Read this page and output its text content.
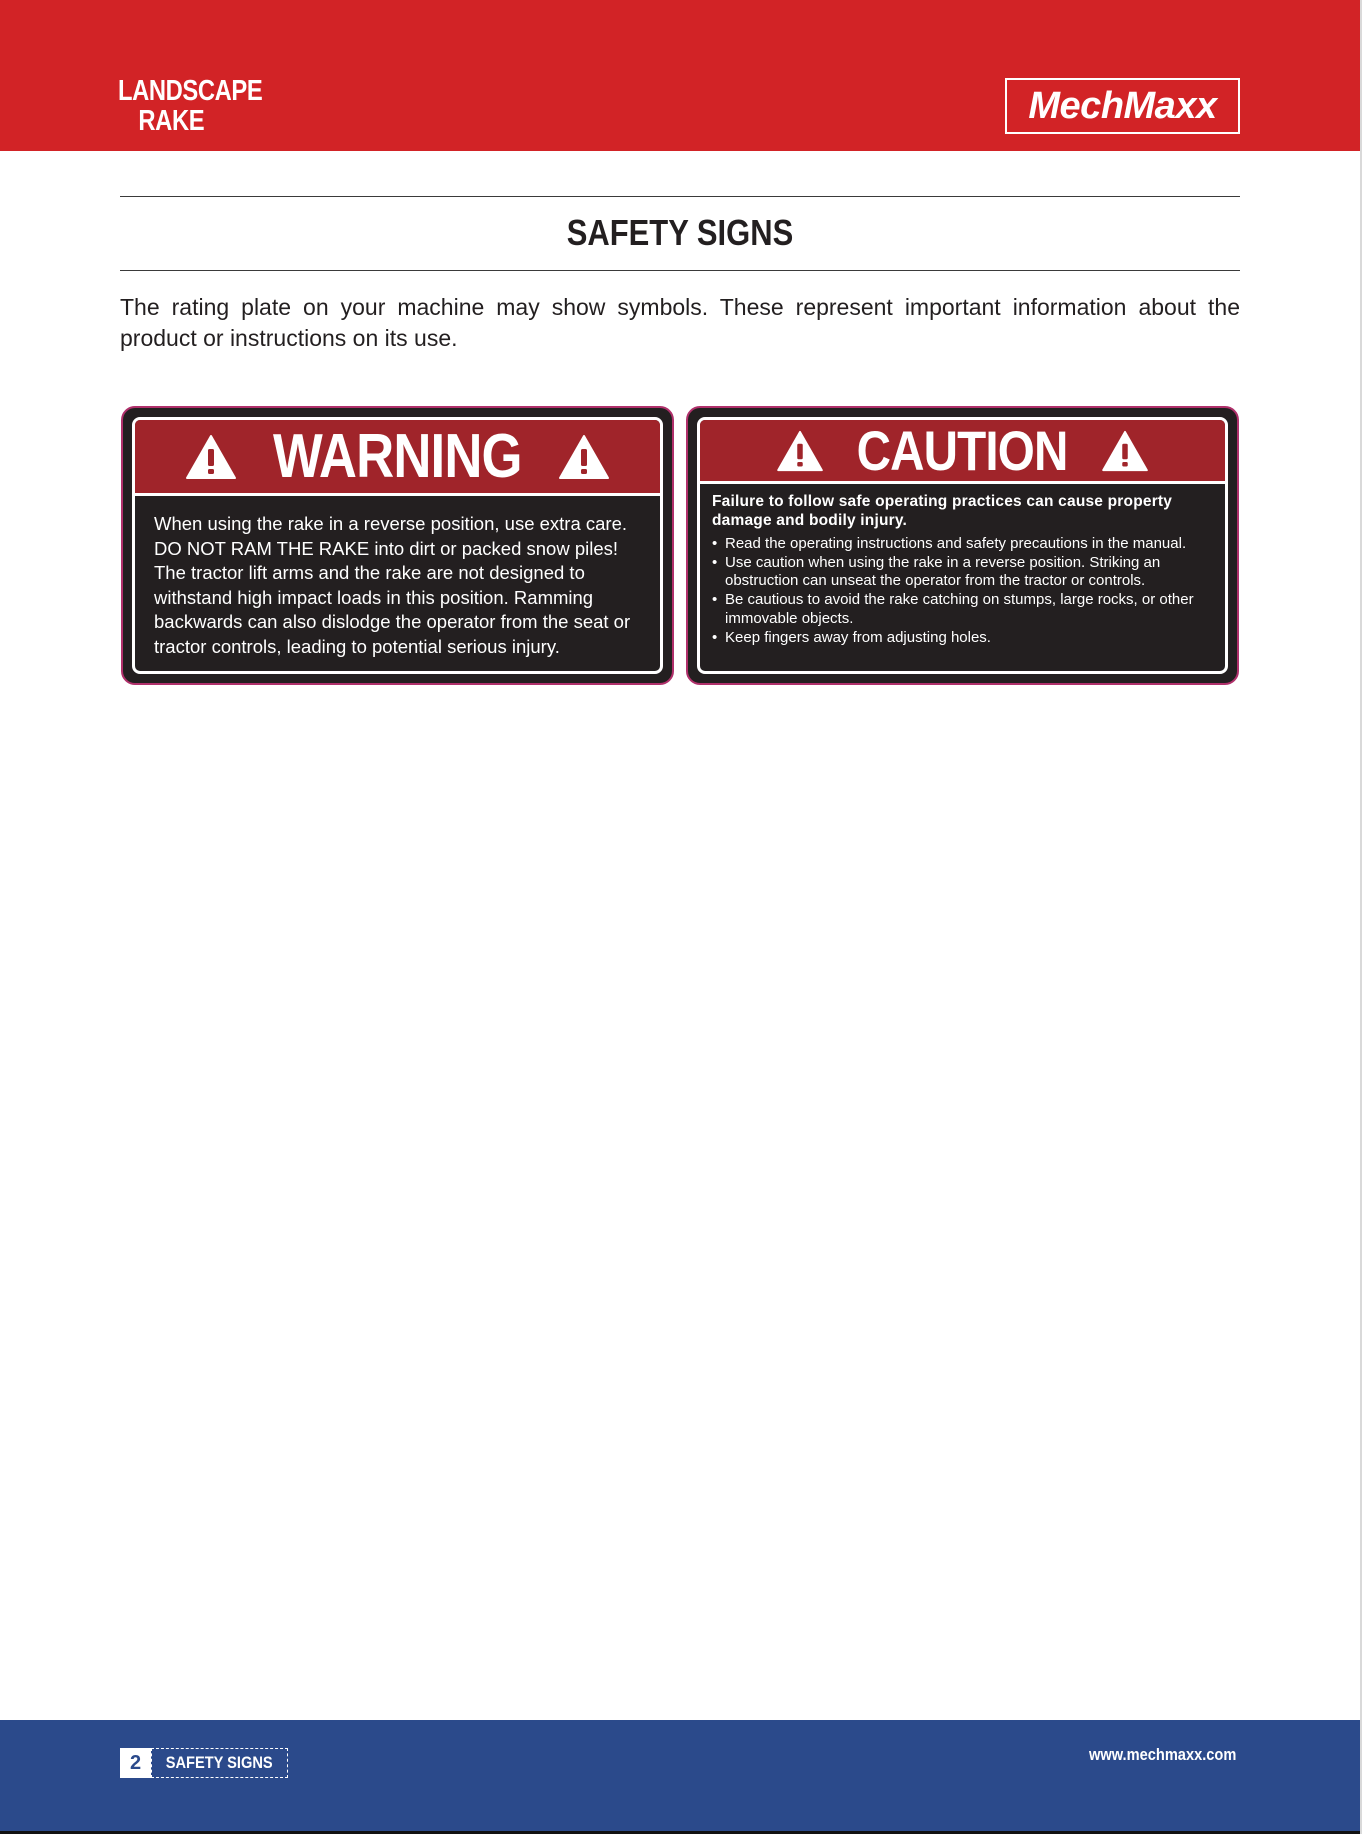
LANDSCAPE
RAKE	MechMaxx
SAFETY SIGNS

The rating plate on your machine may show symbols. These represent important information about the product or instructions on its use.

WARNING

When using the rake in a reverse position, use extra care. DO NOT RAM THE RAKE into dirt or packed snow piles! The tractor lift arms and the rake are not designed to withstand high impact loads in this position. Ramming backwards can also dislodge the operator from the seat or tractor controls, leading to potential serious injury.

CAUTION

Failure to follow safe operating practices can cause property damage and bodily injury.

• Read the operating instructions and safety precautions in the manual.
• Use caution when using the rake in a reverse position. Striking an obstruction can unseat the operator from the tractor or controls.
• Be cautious to avoid the rake catching on stumps, large rocks, or other immovable objects.
• Keep fingers away from adjusting holes.
2	SAFETY SIGNS	www.mechmaxx.com
